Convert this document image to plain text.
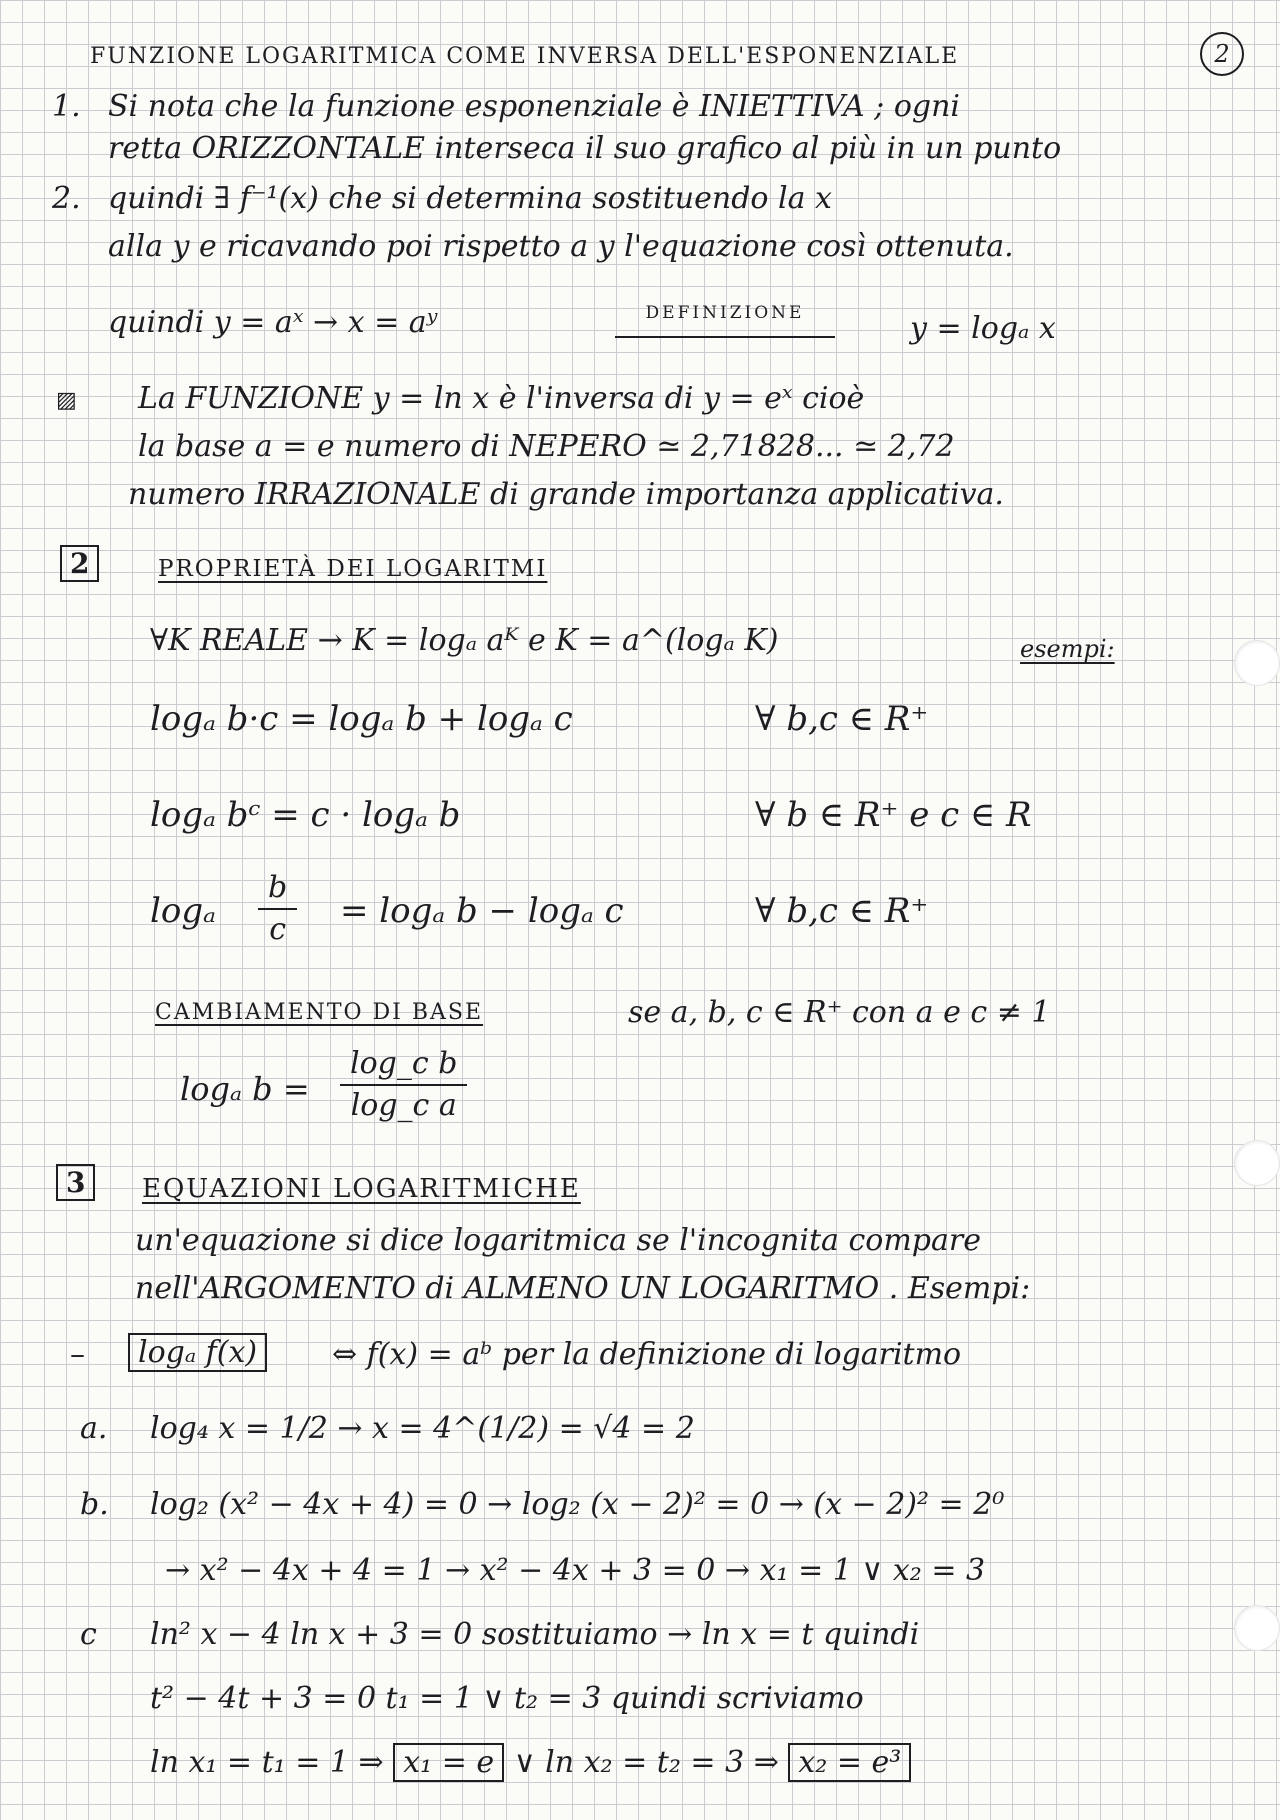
2
FUNZIONE LOGARITMICA COME INVERSA DELL'ESPONENZIALE
1. Si nota che la funzione esponenziale è INIETTIVA ; ogni
retta ORIZZONTALE interseca il suo grafico al più in un punto
2. quindi ∃ f⁻¹(x) che si determina sostituendo la x
alla y e ricavando poi rispetto a y l'equazione così ottenuta.
quindi y = aˣ → x = aʸ	DEFINIZIONE	y = logₐ x
▨ La FUNZIONE y = ln x è l'inversa di y = eˣ cioè
la base a = e numero di NEPERO ≃ 2,71828... ≃ 2,72
numero IRRAZIONALE di grande importanza applicativa.
2	PROPRIETÀ DEI LOGARITMI
∀K REALE → K = logₐ aᴷ e K = a^(logₐ K)	esempi:
logₐ b·c = logₐ b + logₐ c	∀ b,c ∈ R⁺
logₐ bᶜ = c · logₐ b	∀ b ∈ R⁺ e c ∈ R
logₐ $\frac{b}{c} = \log_a$ b − logₐ c	∀ b,c ∈ R⁺
CAMBIAMENTO DI BASE	se a, b, c ∈ R⁺ con a e c ≠ 1
logₐ $b = \frac{\text{log\_c b}}{\text{log\_c a}}$
3	EQUAZIONI LOGARITMICHE
un'equazione si dice logaritmica se l'incognita compare
nell'ARGOMENTO di ALMENO UN LOGARITMO . Esempi:
–	logₐ f(x)	⇔ f(x) = aᵇ per la definizione di logaritmo
a. log₄ x = 1/2 → x = 4^(1/2) = √4 = 2
b. log₂ (x² − 4x + 4) = 0 → log₂ (x − 2)² = 0 → (x − 2)² = 2⁰
→ x² − 4x + 4 = 1 → x² − 4x + 3 = 0 → x₁ = 1 ∨ x₂ = 3
c ln² x − 4 ln x + 3 = 0 sostituiamo → ln x = t quindi
t² − 4t + 3 = 0 t₁ = 1 ∨ t₂ = 3 quindi scriviamo
ln x₁ = t₁ = 1 ⇒ x₁ = e ∨ ln x₂ = t₂ = 3 ⇒ x₂ = e³
